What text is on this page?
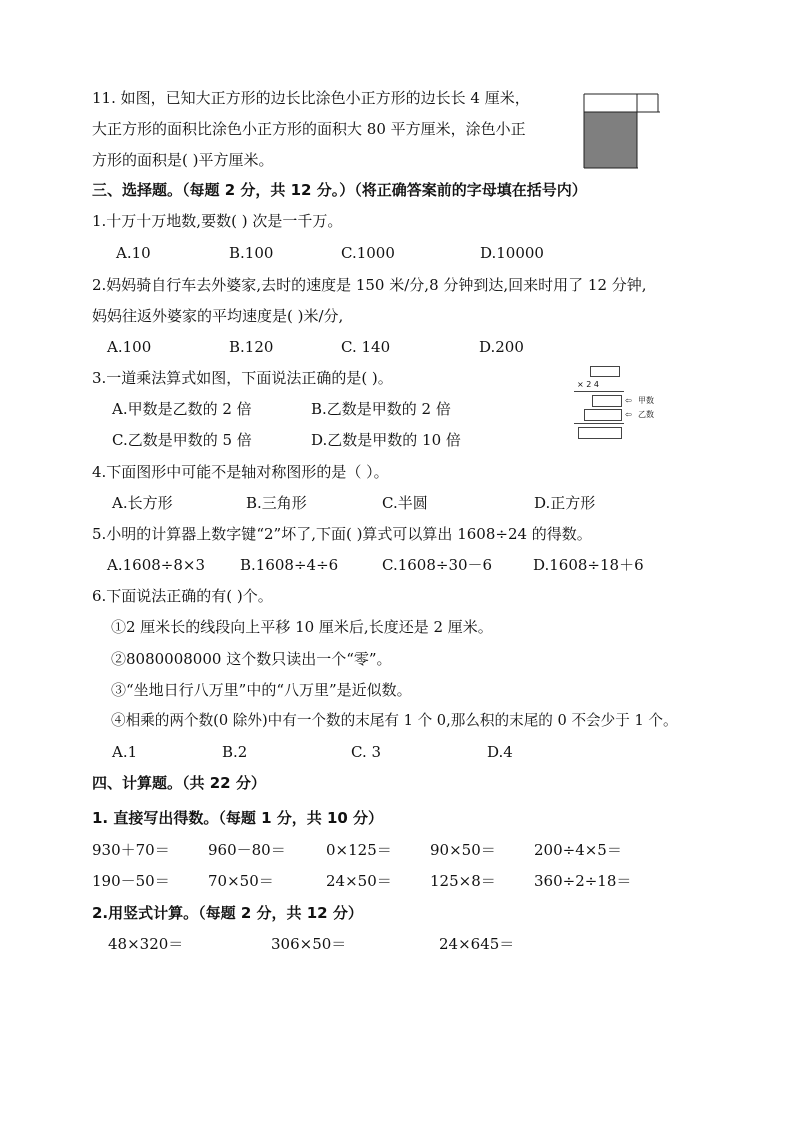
11. 如图，已知大正方形的边长比涂色小正方形的边长长 4 厘米，
大正方形的面积比涂色小正方形的面积大 80 平方厘米，涂色小正
方形的面积是( )平方厘米。
三、选择题。（每题 2 分，共 12 分。）（将正确答案前的字母填在括号内）
1.十万十万地数,要数( ) 次是一千万。
A.10	B.100	C.1000	D.10000
2.妈妈骑自行车去外婆家,去时的速度是 150 米/分,8 分钟到达,回来时用了 12 分钟,
妈妈往返外婆家的平均速度是( )米/分,
A.100	B.120	C. 140	D.200
3.一道乘法算式如图，下面说法正确的是( )。
A.甲数是乙数的 2 倍	B.乙数是甲数的 2 倍
C.乙数是甲数的 5 倍	D.乙数是甲数的 10 倍
× 2 4
⇦ 甲数
⇦ 乙数
4.下面图形中可能不是轴对称图形的是（ ）。
A.长方形	B.三角形	C.半圆	D.正方形
5.小明的计算器上数字键“2”坏了,下面( )算式可以算出 1608÷24 的得数。
A.1608÷8×3 B.1608÷4÷6	C.1608÷30－6	D.1608÷18＋6
6.下面说法正确的有( )个。
①2 厘米长的线段向上平移 10 厘米后,长度还是 2 厘米。
②8080008000 这个数只读出一个“零”。
③“坐地日行八万里”中的“八万里”是近似数。
④相乘的两个数(0 除外)中有一个数的末尾有 1 个 0,那么积的末尾的 0 不会少于 1 个。
A.1	B.2	C. 3	D.4
四、计算题。（共 22 分）
1. 直接写出得数。（每题 1 分，共 10 分）
930＋70＝	960－80＝	0×125＝	90×50＝	200÷4×5＝
190－50＝	70×50＝	24×50＝	125×8＝	360÷2÷18＝
2.用竖式计算。（每题 2 分，共 12 分）
48×320＝	306×50＝	24×645＝
